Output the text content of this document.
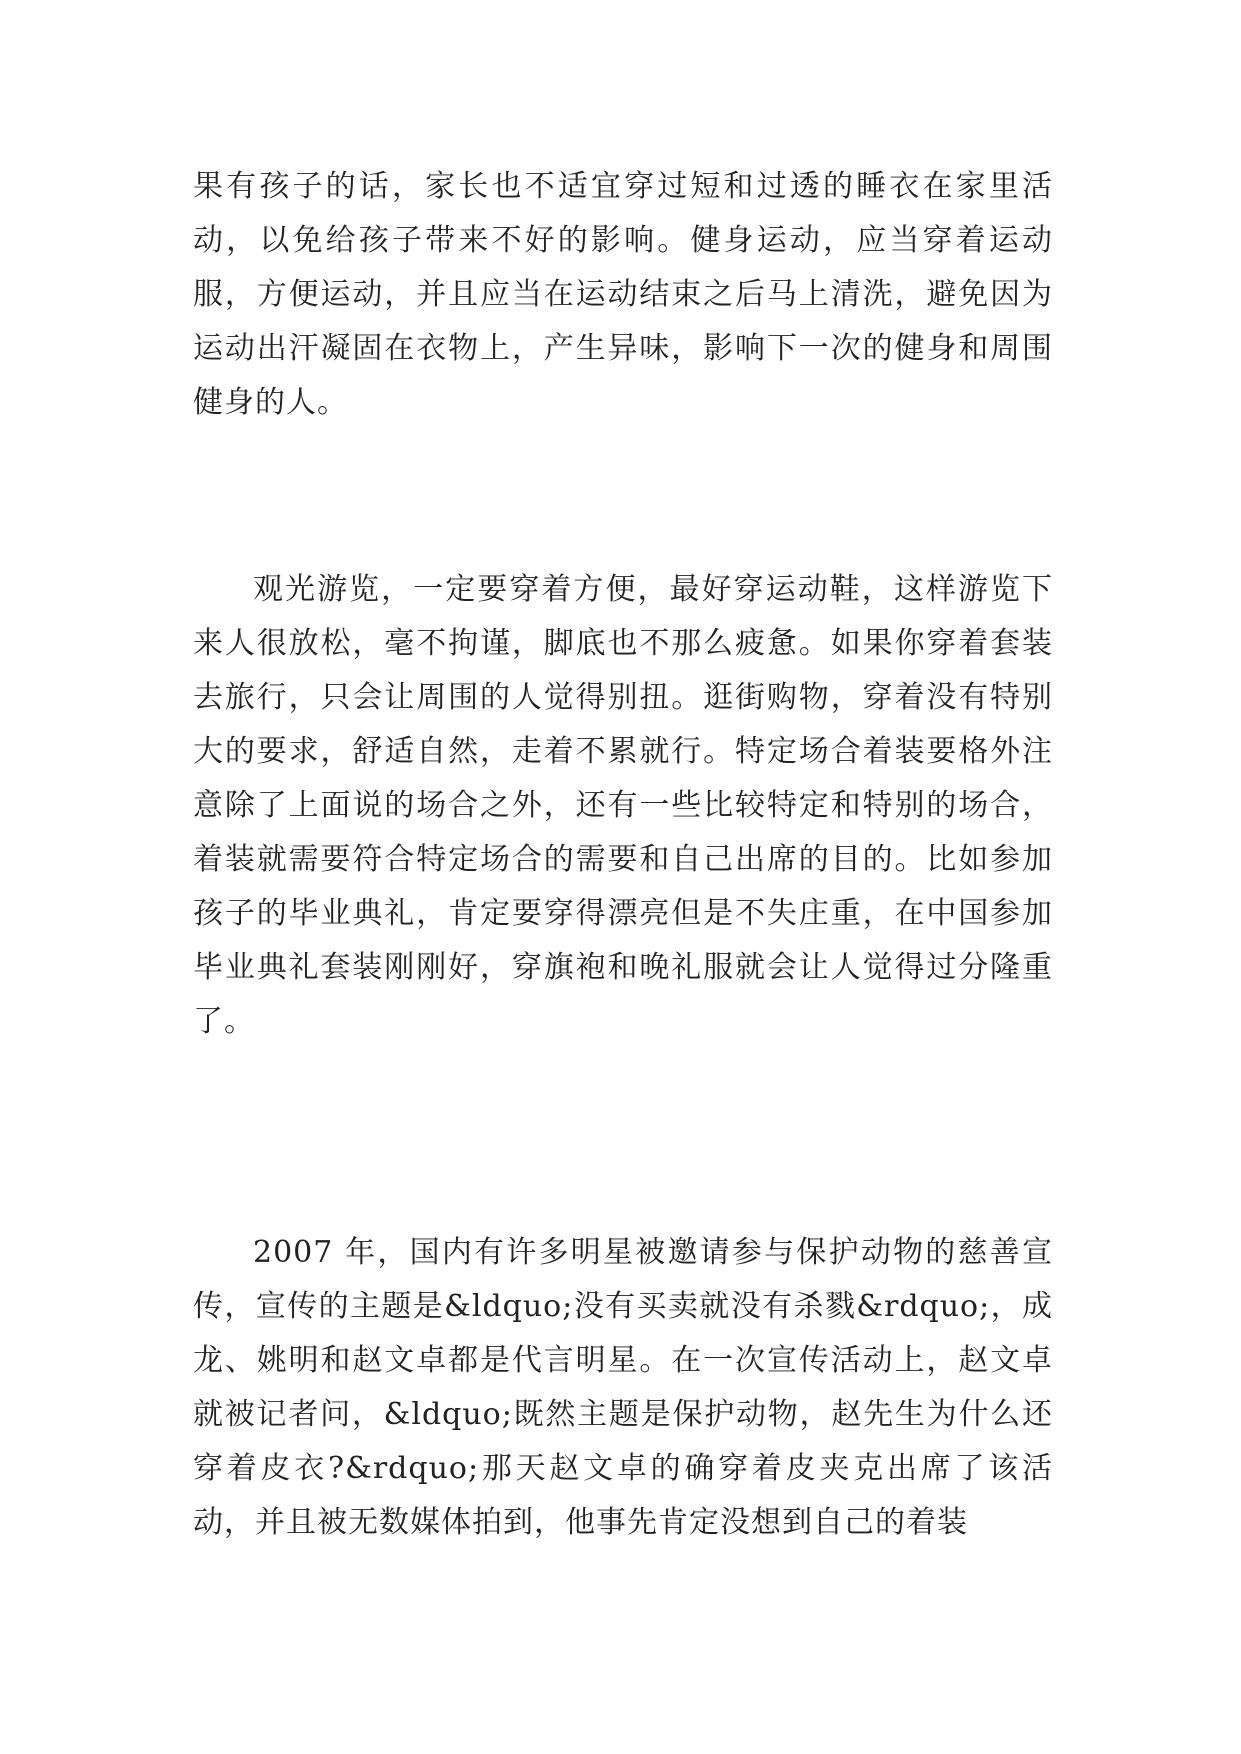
果有孩子的话，家长也不适宜穿过短和过透的睡衣在家里活动，以免给孩子带来不好的影响。健身运动，应当穿着运动服，方便运动，并且应当在运动结束之后马上清洗，避免因为运动出汗凝固在衣物上，产生异味，影响下一次的健身和周围健身的人。

观光游览，一定要穿着方便，最好穿运动鞋，这样游览下来人很放松，毫不拘谨，脚底也不那么疲惫。如果你穿着套装去旅行，只会让周围的人觉得别扭。逛街购物，穿着没有特别大的要求，舒适自然，走着不累就行。特定场合着装要格外注意除了上面说的场合之外，还有一些比较特定和特别的场合，着装就需要符合特定场合的需要和自己出席的目的。比如参加孩子的毕业典礼，肯定要穿得漂亮但是不失庄重，在中国参加毕业典礼套装刚刚好，穿旗袍和晚礼服就会让人觉得过分隆重了。

2007 年，国内有许多明星被邀请参与保护动物的慈善宣传，宣传的主题是&ldquo;没有买卖就没有杀戮&rdquo;，成龙、姚明和赵文卓都是代言明星。在一次宣传活动上，赵文卓就被记者问，&ldquo;既然主题是保护动物，赵先生为什么还穿着皮衣?&rdquo;那天赵文卓的确穿着皮夹克出席了该活动，并且被无数媒体拍到，他事先肯定没想到自己的着装
